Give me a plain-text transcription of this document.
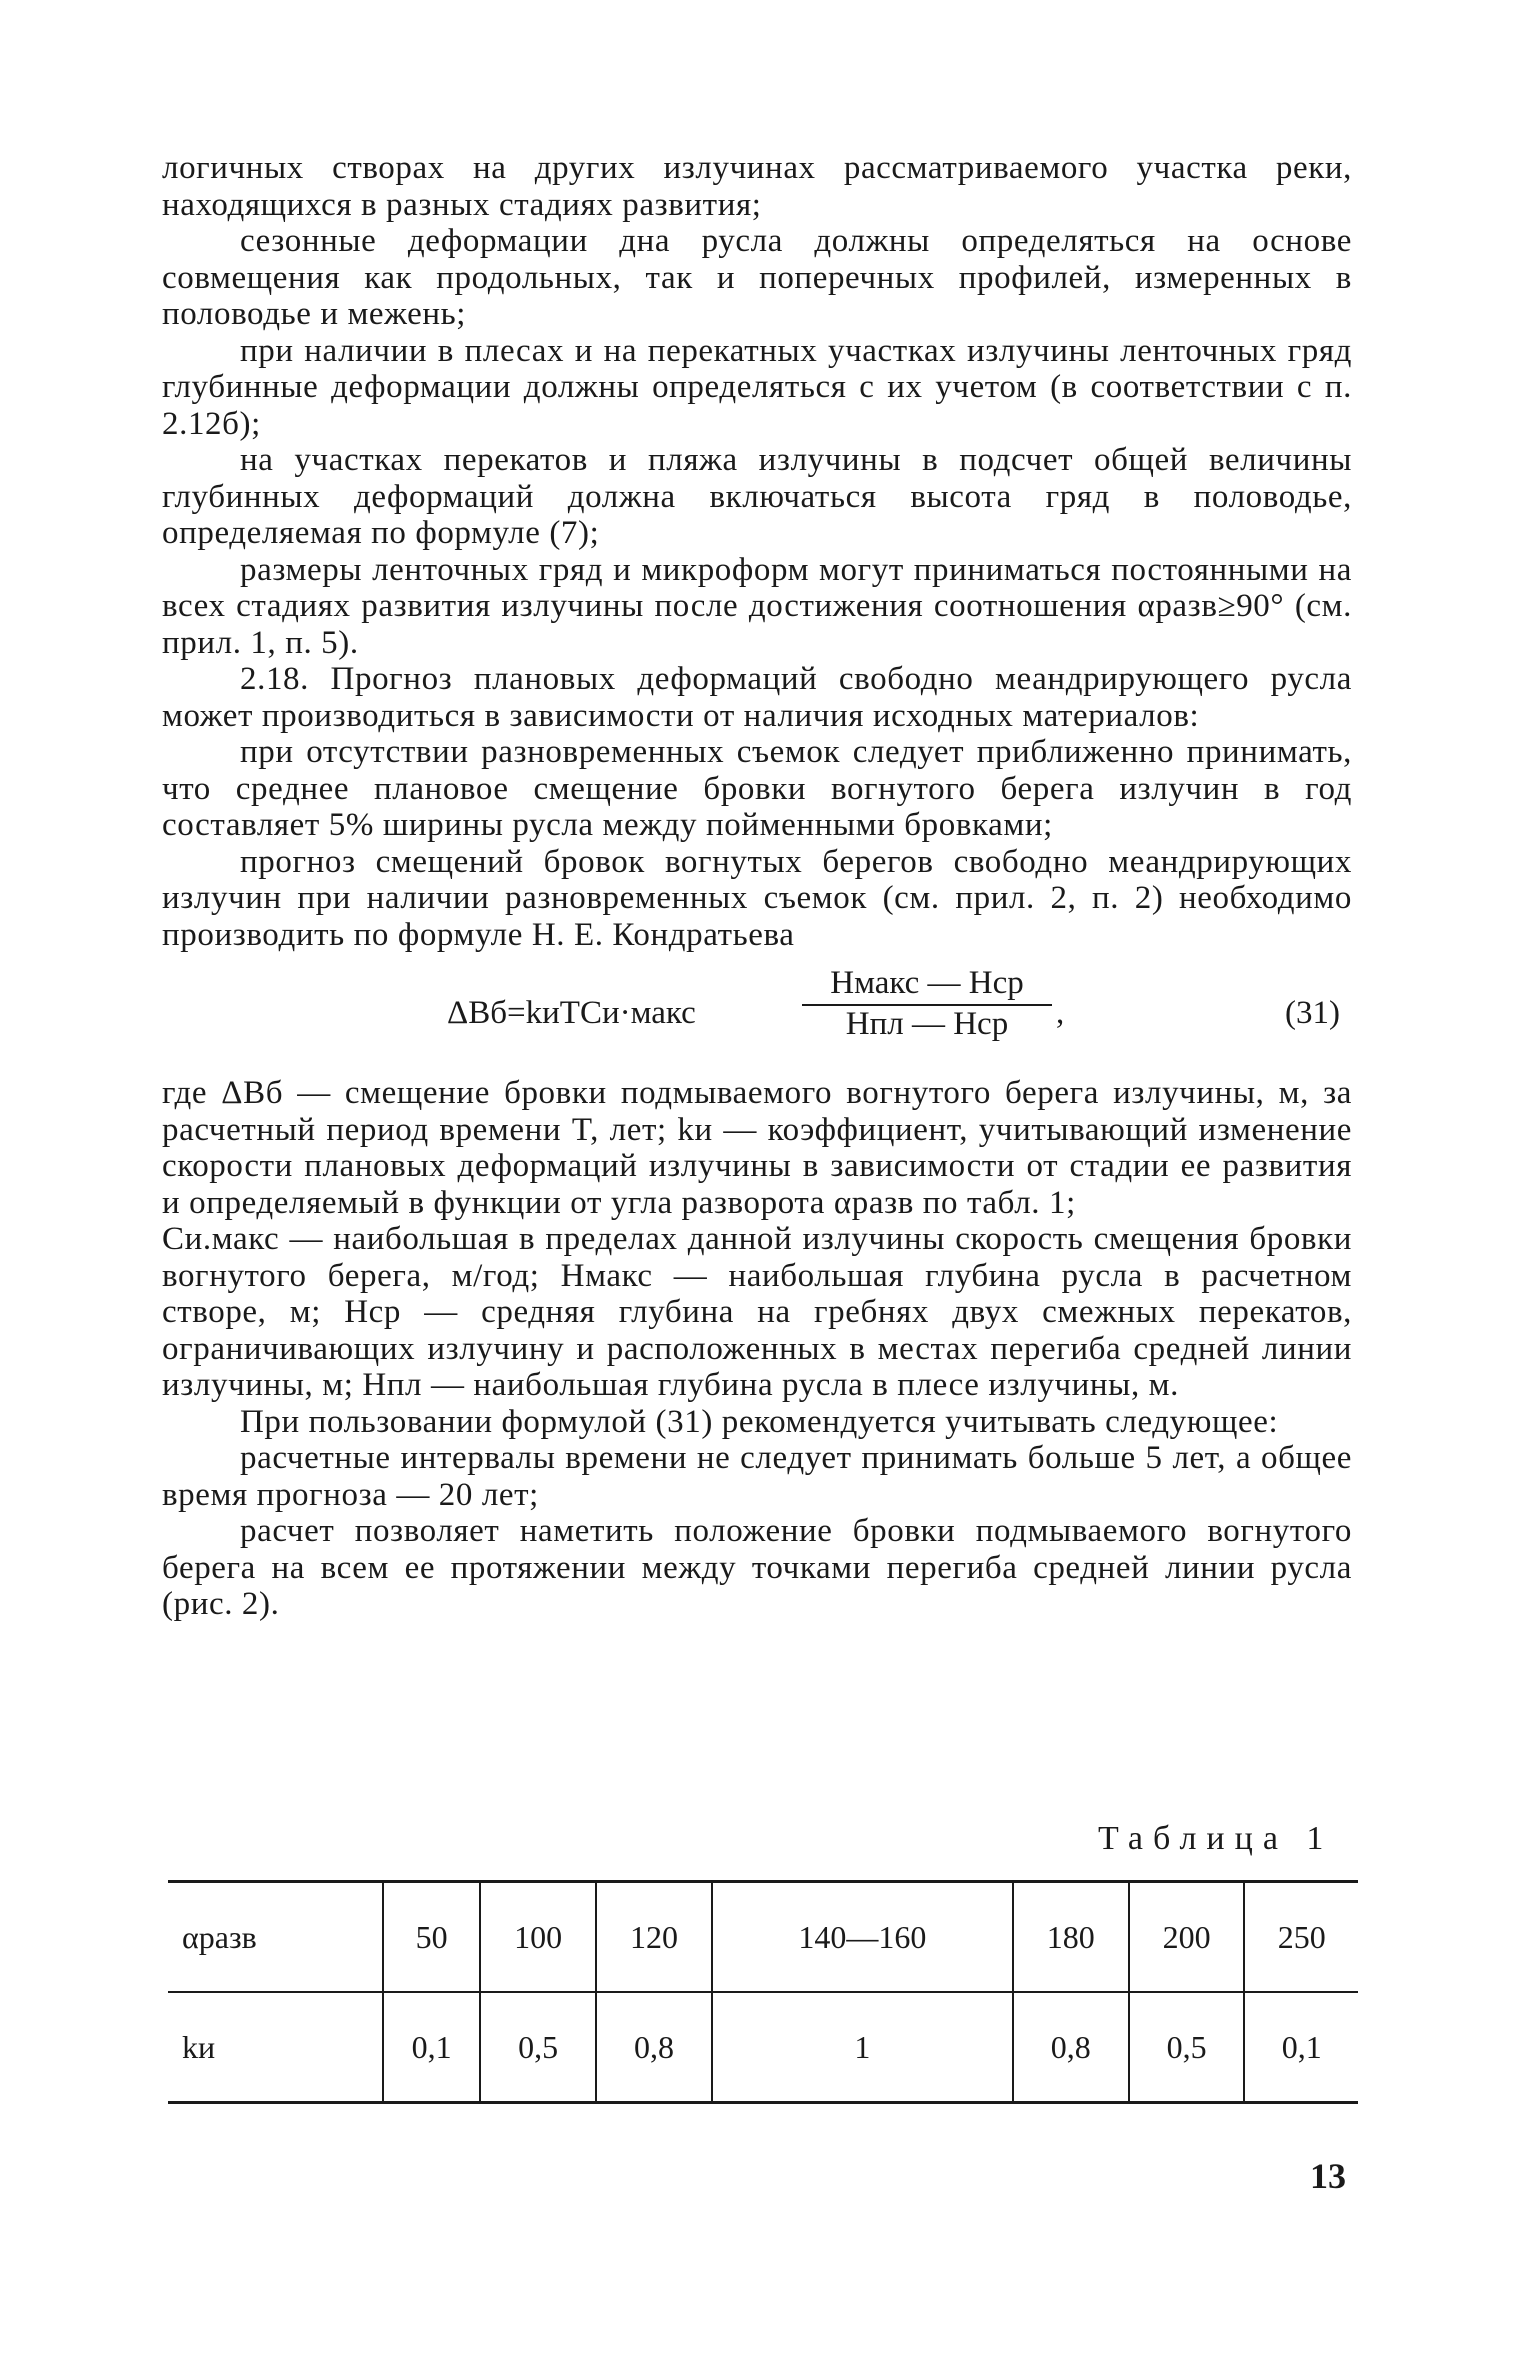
логичных створах на других излучинах рассматриваемого участка реки, находящихся в разных стадиях развития;

сезонные деформации дна русла должны определяться на основе совмещения как продольных, так и поперечных профилей, измеренных в половодье и межень;

при наличии в плесах и на перекатных участках излучины ленточных гряд глубинные деформации должны определяться с их учетом (в соответствии с п. 2.12б);

на участках перекатов и пляжа излучины в подсчет общей величины глубинных деформаций должна включаться высота гряд в половодье, определяемая по формуле (7);

размеры ленточных гряд и микроформ могут приниматься постоянными на всех стадиях развития излучины после достижения соотношения αразв≥90° (см. прил. 1, п. 5).

2.18. Прогноз плановых деформаций свободно меандрирующего русла может производиться в зависимости от наличия исходных материалов:

при отсутствии разновременных съемок следует приближенно принимать, что среднее плановое смещение бровки вогнутого берега излучин в год составляет 5% ширины русла между пойменными бровками;

прогноз смещений бровок вогнутых берегов свободно меандрирующих излучин при наличии разновременных съемок (см. прил. 2, п. 2) необходимо производить по формуле Н. Е. Кондратьева

ΔBб=kиTCи·макс
Hмакс — Hср
Hпл — Hср	,	(31)

где ΔBб — смещение бровки подмываемого вогнутого берега излучины, м, за расчетный период времени T, лет; kи — коэффициент, учитывающий изменение скорости плановых деформаций излучины в зависимости от стадии ее развития и определяемый в функции от угла разворота αразв по табл. 1;

Cи.макс — наибольшая в пределах данной излучины скорость смещения бровки вогнутого берега, м/год; Hмакс — наибольшая глубина русла в расчетном створе, м; Hср — средняя глубина на гребнях двух смежных перекатов, ограничивающих излучину и расположенных в местах перегиба средней линии излучины, м; Hпл — наибольшая глубина русла в плесе излучины, м.

При пользовании формулой (31) рекомендуется учитывать следующее:

расчетные интервалы времени не следует принимать больше 5 лет, а общее время прогноза — 20 лет;

расчет позволяет наметить положение бровки подмываемого вогнутого берега на всем ее протяжении между точками перегиба средней линии русла (рис. 2).

Таблица 1
αразв	50	100	120	140—160	180	200	250
kи	0,1	0,5	0,8	1	0,8	0,5	0,1
13
